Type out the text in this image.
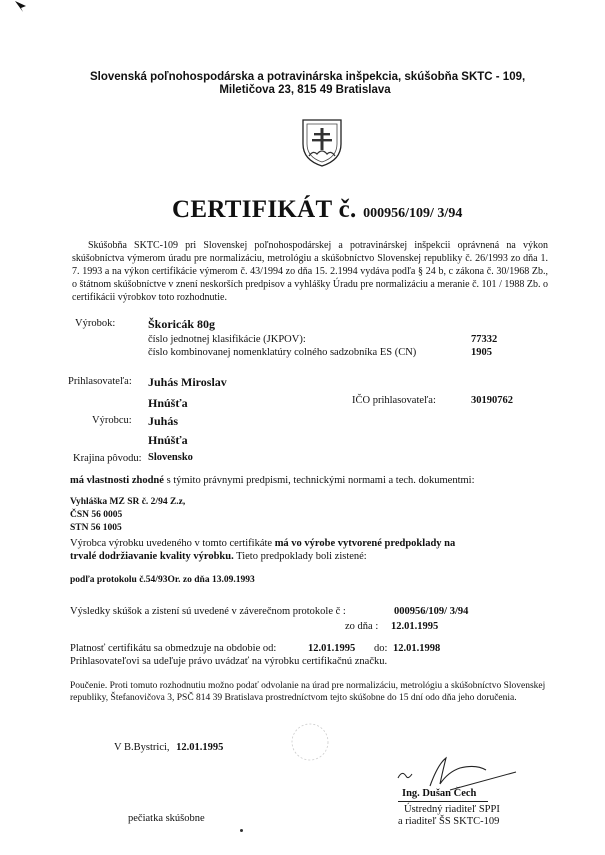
Slovenská poľnohospodárska a potravinárska inšpekcia, skúšobňa SKTC - 109,
Miletičova 23, 815 49 Bratislava
CERTIFIKÁT č. 000956/109/ 3/94
Skúšobňa SKTC-109 pri Slovenskej poľnohospodárskej a potravinárskej inšpekcii oprávnená na výkon skúšobníctva výmerom úradu pre normalizáciu, metrológiu a skúšobníctvo Slovenskej republiky č. 26/1993 zo dňa 1. 7. 1993 a na výkon certifikácie výmerom č. 43/1994 zo dňa 15. 2.1994 vydáva podľa § 24 b, c zákona č. 30/1968 Zb., o štátnom skúšobníctve v znení neskorších predpisov a vyhlášky Úradu pre normalizáciu a meranie č. 101 / 1988 Zb. o certifikácii výrobkov toto rozhodnutie.
Výrobok:	Škoricák 80g
číslo jednotnej klasifikácie (JKPOV):	77332
číslo kombinovanej nomenklatúry colného sadzobníka ES (CN)	1905
Prihlasovateľa: Juhás Miroslav
Hnúšťa	IČO prihlasovateľa:	30190762
Výrobcu: Juhás
Hnúšťa
Krajina pôvodu: Slovensko
má vlastnosti zhodné s týmito právnymi predpismi, technickými normami a tech. dokumentmi:
Vyhláška MZ SR č. 2/94 Z.z,
ČSN 56 0005
STN 56 1005
Výrobca výrobku uvedeného v tomto certifikáte má vo výrobe vytvorené predpoklady na
trvalé dodržiavanie kvality výrobku. Tieto predpoklady boli zistené:
podľa protokolu č.54/93Or. zo dňa 13.09.1993
Výsledky skúšok a zistení sú uvedené v záverečnom protokole č :	000956/109/ 3/94
zo dňa : 12.01.1995
Platnosť certifikátu sa obmedzuje na obdobie od:	12.01.1995 do: 12.01.1998
Prihlasovateľovi sa udeľuje právo uvádzať na výrobku certifikačnú značku.
Poučenie. Proti tomuto rozhodnutiu možno podať odvolanie na úrad pre normalizáciu, metrológiu a skúšobníctvo Slovenskej republiky, Štefanovičova 3, PSČ 814 39 Bratislava prostredníctvom tejto skúšobne do 15 dní odo dňa jeho doručenia.
V B.Bystrici, 12.01.1995
Ing. Dušan Čech
Ústredný riaditeľ SPPI
a riaditeľ ŠS SKTC-109
pečiatka skúšobne
